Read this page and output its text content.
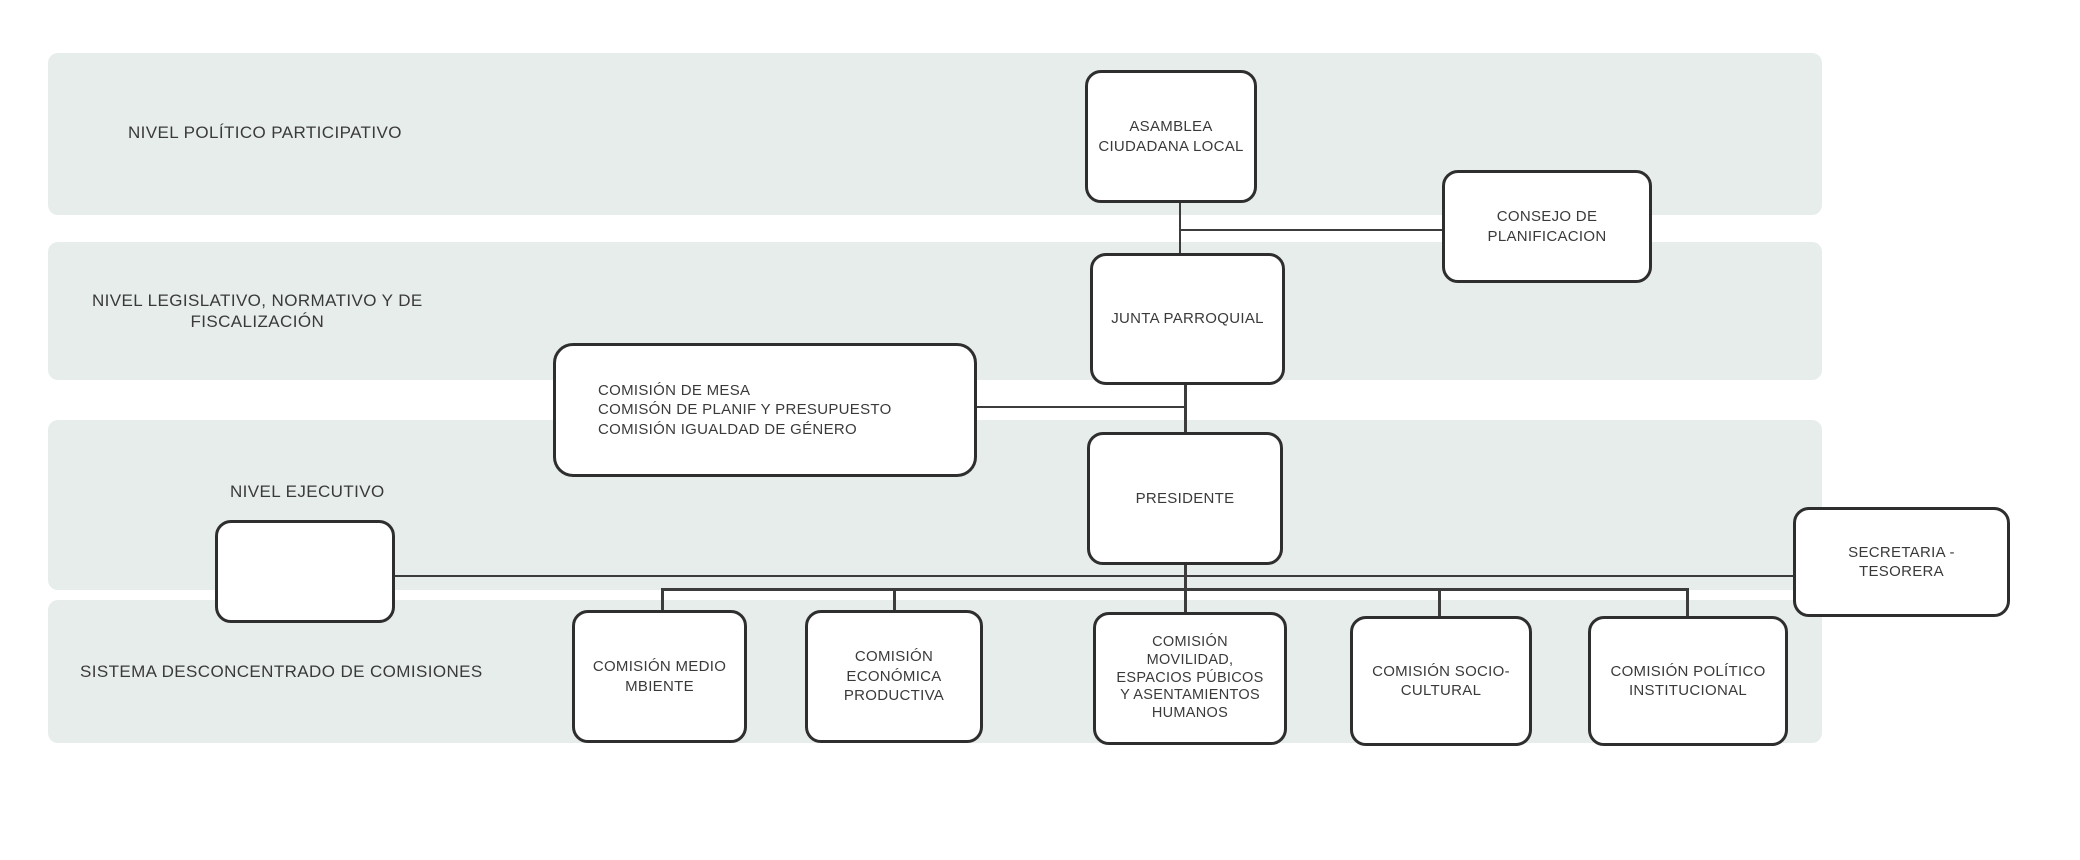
NIVEL POLÍTICO PARTICIPATIVO
NIVEL LEGISLATIVO, NORMATIVO Y DE
FISCALIZACIÓN
NIVEL EJECUTIVO
SISTEMA DESCONCENTRADO DE COMISIONES
ASAMBLEA
CIUDADANA LOCAL
CONSEJO DE
PLANIFICACION
JUNTA PARROQUIAL
COMISIÓN DE MESA
COMISÓN DE PLANIF Y PRESUPUESTO
COMISIÓN IGUALDAD DE GÉNERO
PRESIDENTE
SECRETARIA -
TESORERA
COMISIÓN MEDIO
MBIENTE
COMISIÓN
ECONÓMICA
PRODUCTIVA
COMISIÓN
MOVILIDAD,
ESPACIOS PÚBICOS
Y ASENTAMIENTOS
HUMANOS
COMISIÓN SOCIO-
CULTURAL
COMISIÓN POLÍTICO
INSTITUCIONAL
